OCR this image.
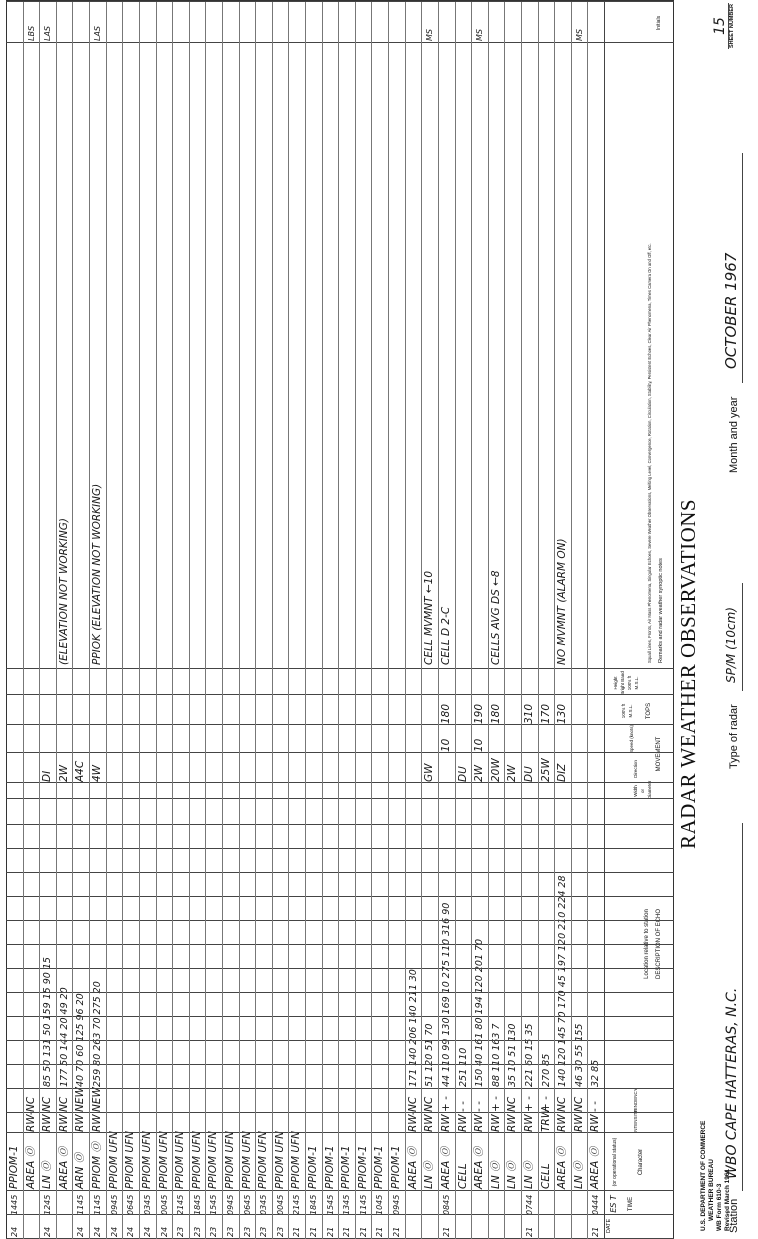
RADAR WEATHER OBSERVATIONS
U.S. DEPARTMENT OF COMMERCE WEATHER BUREAU WB Form 610-3 Revised March 1961
15 SHEET NUMBER
Station
WBO CAPE HATTERAS, N.C.
Type of radar
SP/M (10cm)
Month and year
OCTOBER 1967
DATE
TIME
ES T
Character
(or operational status)
INTENSITY
TENDENCY
DESCRIPTION OF ECHO
Location relative to station
Width or Diameter
MOVEMENT
Direction
Speed (knots)
TOPS
100's ft M.S.L.
Height Bright Band 100's ft M.S.L.
Remarks and radar weather synoptic notes
Squall Lines, Fronts, Air Mass Phenomena, Singular Echoes, Severe Weather Observations, Melting Level, Convergence, Rotation, Circulation, Stability, Persistent Echoes, Clear Air Phenomena, Times Camera On and Off, etc.
Initials
21
0444
AREA Ⓞ
RW
- -
32 85
LN Ⓞ
RW
NC
46 30 55 155
MS
AREA Ⓞ
RW
NC
140 120 145 70 170 45 197 120 210 224 28
DIZ
130
NO MVMNT (ALARM ON)
CELL
TRW
+ -
270 85
25W
170
21
0744
LN Ⓞ
RW
+ -
221 60 15 35
DU
310
LN Ⓞ
RW
NC
35 10 51 130
2W
LN Ⓞ
RW
+ -
88 110 163 7
20W
180
CELLS AVG DS ←8
AREA Ⓞ
RW
- -
150 40 161 80 194 120 201 70
2W
10
190
MS
CELL
RW
- -
251 110
DU
21
0845
AREA Ⓞ
RW
+ -
44 110 99 130 169 10 275 110 316 90
10
180
CELL D 2-C
LN Ⓞ
RW
NC
51 120 51 70
GW
CELL MVMNT ←10
MS
AREA Ⓞ
RW-
NC
171 140 206 140 211 30
21
0945
PPIOM-1
21
1045
PPIOM-1
21
1145
PPIOM-1
21
1345
PPIOM-1
21
1545
PPIOM-1
21
1845
PPIOM-1
21
2145
PPIOM UFN
23
0045
PPIOM UFN
23
0345
PPIOM UFN
23
0645
PPIOM UFN
23
0945
PPIOM UFN
23
1545
PPIOM UFN
23
1845
PPIOM UFN
23
2145
PPIOM UFN
24
0045
PPIOM UFN
24
0345
PPIOM UFN
24
0645
PPIOM UFN
24
0945
PPIOM UFN
24
1145
PPIOM Ⓞ
RW
NEW
259 80 263 70 275 20
4W
PPIOK (ELEVATION NOT WORKING)
LAS
24
1145
ARN Ⓞ
RW
NEW
40 70 60 125 96 20
A4C
AREA Ⓞ
RW
NC
177 50 144 20 49 20
2W
(ELEVATION NOT WORKING)
24
1245
LN Ⓞ
RW
NC
85 50 131 50 159 15 90 15
DI
LAS
AREA Ⓞ
RW-
NC
LBS
24
1445
PPIOM-1
